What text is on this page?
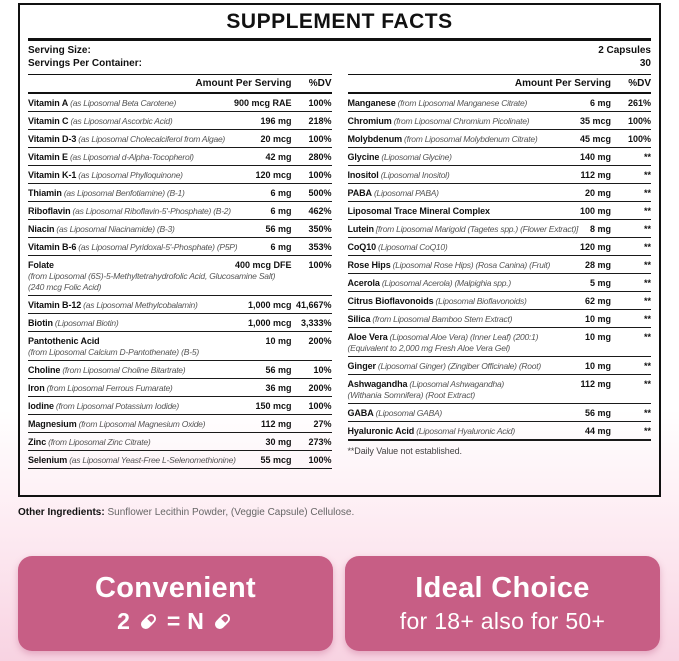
SUPPLEMENT FACTS
Serving Size:	2 Capsules
Servings Per Container:	30
Amount Per Serving	%DV
Vitamin A (as Liposomal Beta Carotene)	900 mcg RAE	100%
Vitamin C (as Liposomal Ascorbic Acid)	196 mg	218%
Vitamin D-3 (as Liposomal Cholecalciferol from Algae)	20 mcg	100%
Vitamin E (as Liposomal d-Alpha-Tocopherol)	42 mg	280%
Vitamin K-1 (as Liposomal Phylloquinone)	120 mcg	100%
Thiamin (as Liposomal Benfotiamine) (B-1)	6 mg	500%
Riboflavin (as Liposomal Riboflavin-5'-Phosphate) (B-2)	6 mg	462%
Niacin (as Liposomal Niacinamide) (B-3)	56 mg	350%
Vitamin B-6 (as Liposomal Pyridoxal-5'-Phosphate) (P5P)	6 mg	353%
Folate	400 mcg DFE	100%
(from Liposomal (6S)-5-Methyltetrahydrofolic Acid, Glucosamine Salt)
(240 mcg Folic Acid)
Vitamin B-12 (as Liposomal Methylcobalamin)	1,000 mcg 41,667%
Biotin (Liposomal Biotin)	1,000 mcg	3,333%
Pantothenic Acid	10 mg	200%
(from Liposomal Calcium D-Pantothenate) (B-5)
Choline (from Liposomal Choline Bitartrate)	56 mg	10%
Iron (from Liposomal Ferrous Fumarate)	36 mg	200%
Iodine (from Liposomal Potassium Iodide)	150 mcg	100%
Magnesium (from Liposomal Magnesium Oxide)	112 mg	27%
Zinc (from Liposomal Zinc Citrate)	30 mg	273%
Selenium (as Liposomal Yeast-Free L-Selenomethionine)	55 mcg	100%
Amount Per Serving	%DV
Manganese (from Liposomal Manganese Citrate)	6 mg	261%
Chromium (from Liposomal Chromium Picolinate)	35 mcg	100%
Molybdenum (from Liposomal Molybdenum Citrate)	45 mcg	100%
Glycine (Liposomal Glycine)	140 mg	**
Inositol (Liposomal Inositol)	112 mg	**
PABA (Liposomal PABA)	20 mg	**
Liposomal Trace Mineral Complex	100 mg	**
Lutein [from Liposomal Marigold (Tagetes spp.) (Flower Extract)]	8 mg	**
CoQ10 (Liposomal CoQ10)	120 mg	**
Rose Hips (Liposomal Rose Hips) (Rosa Canina) (Fruit)	28 mg	**
Acerola (Liposomal Acerola) (Malpighia spp.)	5 mg	**
Citrus Bioflavonoids (Liposomal Bioflavonoids)	62 mg	**
Silica (from Liposomal Bamboo Stem Extract)	10 mg	**
Aloe Vera (Liposomal Aloe Vera) (Inner Leaf) (200:1)	10 mg	**
(Equivalent to 2,000 mg Fresh Aloe Vera Gel)
Ginger (Liposomal Ginger) (Zingiber Officinale) (Root)	10 mg	**
Ashwagandha (Liposomal Ashwagandha)	112 mg	**
(Withania Somnifera) (Root Extract)
GABA (Liposomal GABA)	56 mg	**
Hyaluronic Acid (Liposomal Hyaluronic Acid)	44 mg	**
**Daily Value not established.
Other Ingredients: Sunflower Lecithin Powder, (Veggie Capsule) Cellulose.
Convenient
2 = N
Ideal Choice
for 18+ also for 50+
